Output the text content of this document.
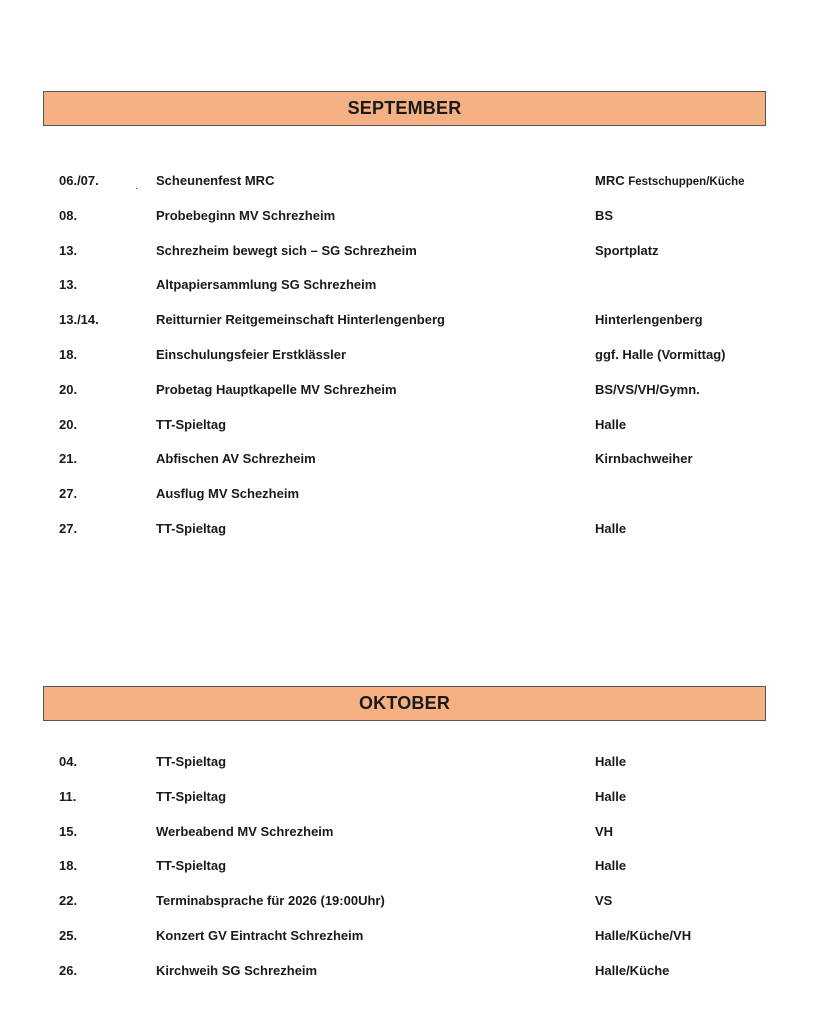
SEPTEMBER
06./07.	Scheunenfest MRC	MRC Festschuppen/Küche
08.	Probebeginn MV Schrezheim	BS
13.	Schrezheim bewegt sich – SG Schrezheim	Sportplatz
13.	Altpapiersammlung SG Schrezheim
13./14.	Reitturnier Reitgemeinschaft Hinterlengenberg	Hinterlengenberg
18.	Einschulungsfeier Erstklässler	ggf. Halle (Vormittag)
20.	Probetag Hauptkapelle MV Schrezheim	BS/VS/VH/Gymn.
20.	TT-Spieltag	Halle
21.	Abfischen AV Schrezheim	Kirnbachweiher
27.	Ausflug MV Schezheim
27.	TT-Spieltag	Halle
OKTOBER
04.	TT-Spieltag	Halle
11.	TT-Spieltag	Halle
15.	Werbeabend MV Schrezheim	VH
18.	TT-Spieltag	Halle
22.	Terminabsprache für 2026 (19:00Uhr)	VS
25.	Konzert GV Eintracht Schrezheim	Halle/Küche/VH
26.	Kirchweih SG Schrezheim	Halle/Küche
